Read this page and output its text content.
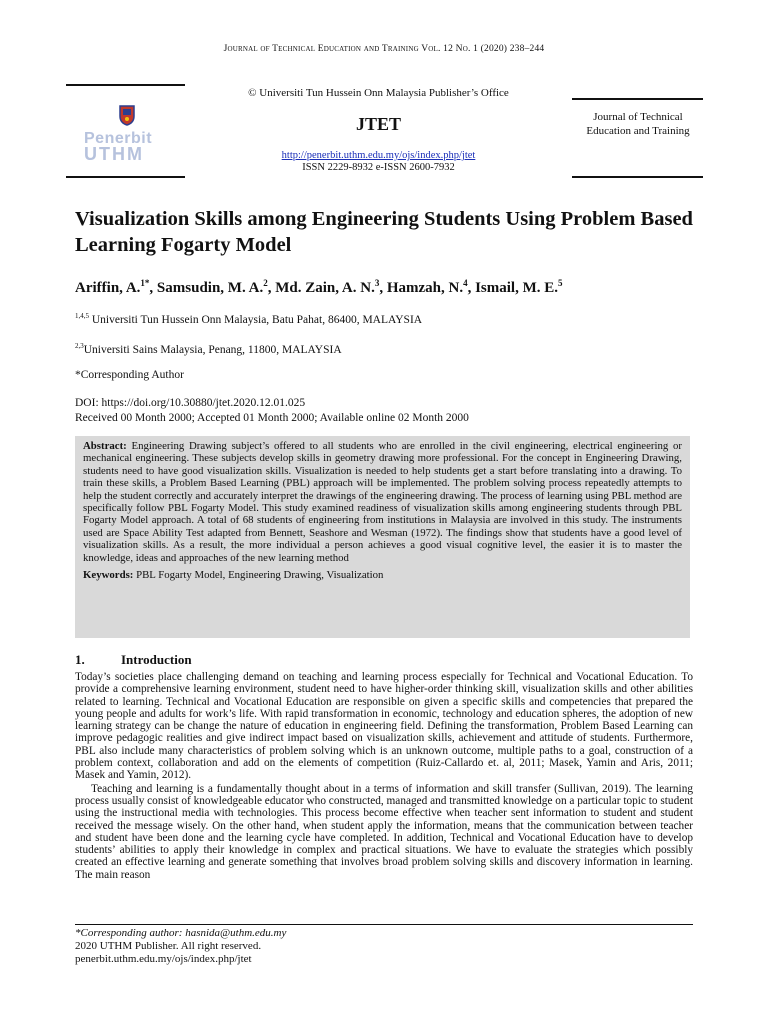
Journal of Technical Education and Training Vol. 12 No. 1 (2020) 238–244
© Universiti Tun Hussein Onn Malaysia Publisher’s Office
Penerbit
UTHM
JTET
http://penerbit.uthm.edu.my/ojs/index.php/jtet
ISSN 2229-8932 e-ISSN 2600-7932
Journal of Technical Education and Training
Visualization Skills among Engineering Students Using Problem Based Learning Fogarty Model
Ariffin, A.$^{1*}$, Samsudin, M. A.$^2$, Md. Zain, A. N.$^3$, Hamzah, N.$^4$, Ismail, M. E.$^5$
$^{1,4,5}$ Universiti Tun Hussein Onn Malaysia, Batu Pahat, 86400, MALAYSIA
$^{2,3}$Universiti Sains Malaysia, Penang, 11800, MALAYSIA
*Corresponding Author
DOI: https://doi.org/10.30880/jtet.2020.12.01.025
Received 00 Month 2000; Accepted 01 Month 2000; Available online 02 Month 2000
Abstract: Engineering Drawing subject’s offered to all students who are enrolled in the civil engineering, electrical engineering or mechanical engineering. These subjects develop skills in geometry drawing more professional. For the concept in Engineering Drawing, students need to have good visualization skills. Visualization is needed to help students get a start before translating into a drawing. To train these skills, a Problem Based Learning (PBL) approach will be implemented. The problem solving process repeatedly attempts to help the student correctly and accurately interpret the drawings of the engineering drawing. The process of learning using PBL method are specifically follow PBL Fogarty Model. This study examined readiness of visualization skills among engineering students through PBL Fogarty Model approach. A total of 68 students of engineering from institutions in Malaysia are involved in this study. The instruments used are Space Ability Test adapted from Bennett, Seashore and Wesman (1972). The findings show that students have a good level of visualization skills. As a result, the more individual a person achieves a good visual cognitive level, the easier it is to master the knowledge, ideas and approaches of the new learning method
Keywords: PBL Fogarty Model, Engineering Drawing, Visualization
1.	Introduction

Today’s societies place challenging demand on teaching and learning process especially for Technical and Vocational Education. To provide a comprehensive learning environment, student need to have higher-order thinking skill, visualization skills and other abilities related to learning. Technical and Vocational Education are responsible on given a specific skills and competencies that prepared the young people and adults for work’s life. With rapid transformation in economic, technology and education spheres, the adoption of new learning strategy can be change the nature of education in engineering field. Defining the transformation, Problem Based Learning can improve pedagogic realities and give indirect impact based on visualization skills, achievement and attitude of students. Furthermore, PBL also include many characteristics of problem solving which is an unknown outcome, multiple paths to a goal, construction of a problem context, collaboration and add on the elements of competition (Ruiz-Callardo et. al, 2011; Masek, Yamin and Aris, 2011; Masek and Yamin, 2012).

Teaching and learning is a fundamentally thought about in a terms of information and skill transfer (Sullivan, 2019). The learning process usually consist of knowledgeable educator who constructed, managed and transmitted knowledge on a particular topic to student using the instructional media with technologies. This process become effective when teacher sent information to student and student received the message wisely. On the other hand, when student apply the information, means that the communication between teacher and student have been done and the learning cycle have completed. In addition, Technical and Vocational Education have to develop students’ abilities to apply their knowledge in complex and practical situations. We have to evaluate the strategies which possibly created an effective learning and generate something that involves broad problem solving skills and discovery information in learning. The main reason

*Corresponding author: hasnida@uthm.edu.my
2020 UTHM Publisher. All right reserved.
penerbit.uthm.edu.my/ojs/index.php/jtet
